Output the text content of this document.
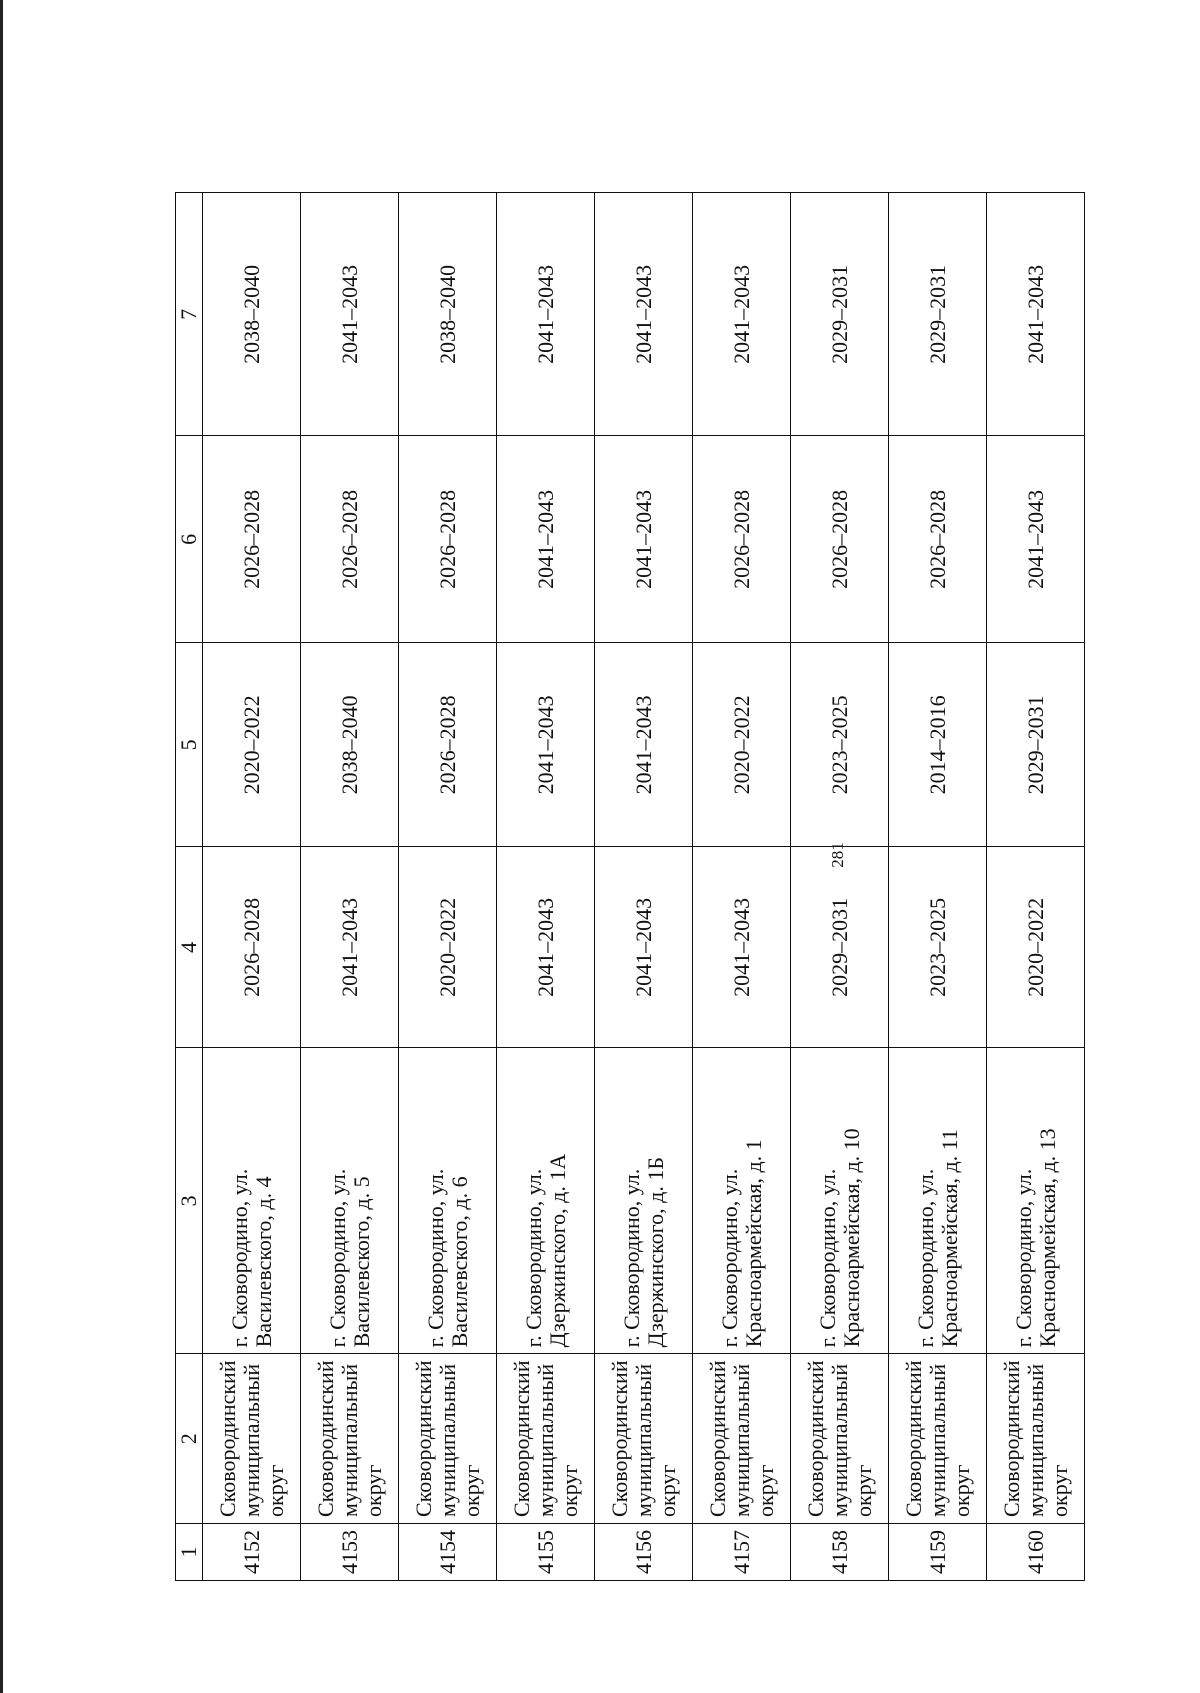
281
1	2	3	4	5	6	7
4152	Сковородинский муниципальный округ	г. Сковородино, ул. Василевского, д. 4	2026–2028	2020–2022	2026–2028	2038–2040
4153	Сковородинский муниципальный округ	г. Сковородино, ул. Василевского, д. 5	2041–2043	2038–2040	2026–2028	2041–2043
4154	Сковородинский муниципальный округ	г. Сковородино, ул. Василевского, д. 6	2020–2022	2026–2028	2026–2028	2038–2040
4155	Сковородинский муниципальный округ	г. Сковородино, ул. Дзержинского, д. 1А	2041–2043	2041–2043	2041–2043	2041–2043
4156	Сковородинский муниципальный округ	г. Сковородино, ул. Дзержинского, д. 1Б	2041–2043	2041–2043	2041–2043	2041–2043
4157	Сковородинский муниципальный округ	г. Сковородино, ул. Красноармейская, д. 1	2041–2043	2020–2022	2026–2028	2041–2043
4158	Сковородинский муниципальный округ	г. Сковородино, ул. Красноармейская, д. 10	2029–2031	2023–2025	2026–2028	2029–2031
4159	Сковородинский муниципальный округ	г. Сковородино, ул. Красноармейская, д. 11	2023–2025	2014–2016	2026–2028	2029–2031
4160	Сковородинский муниципальный округ	г. Сковородино, ул. Красноармейская, д. 13	2020–2022	2029–2031	2041–2043	2041–2043
